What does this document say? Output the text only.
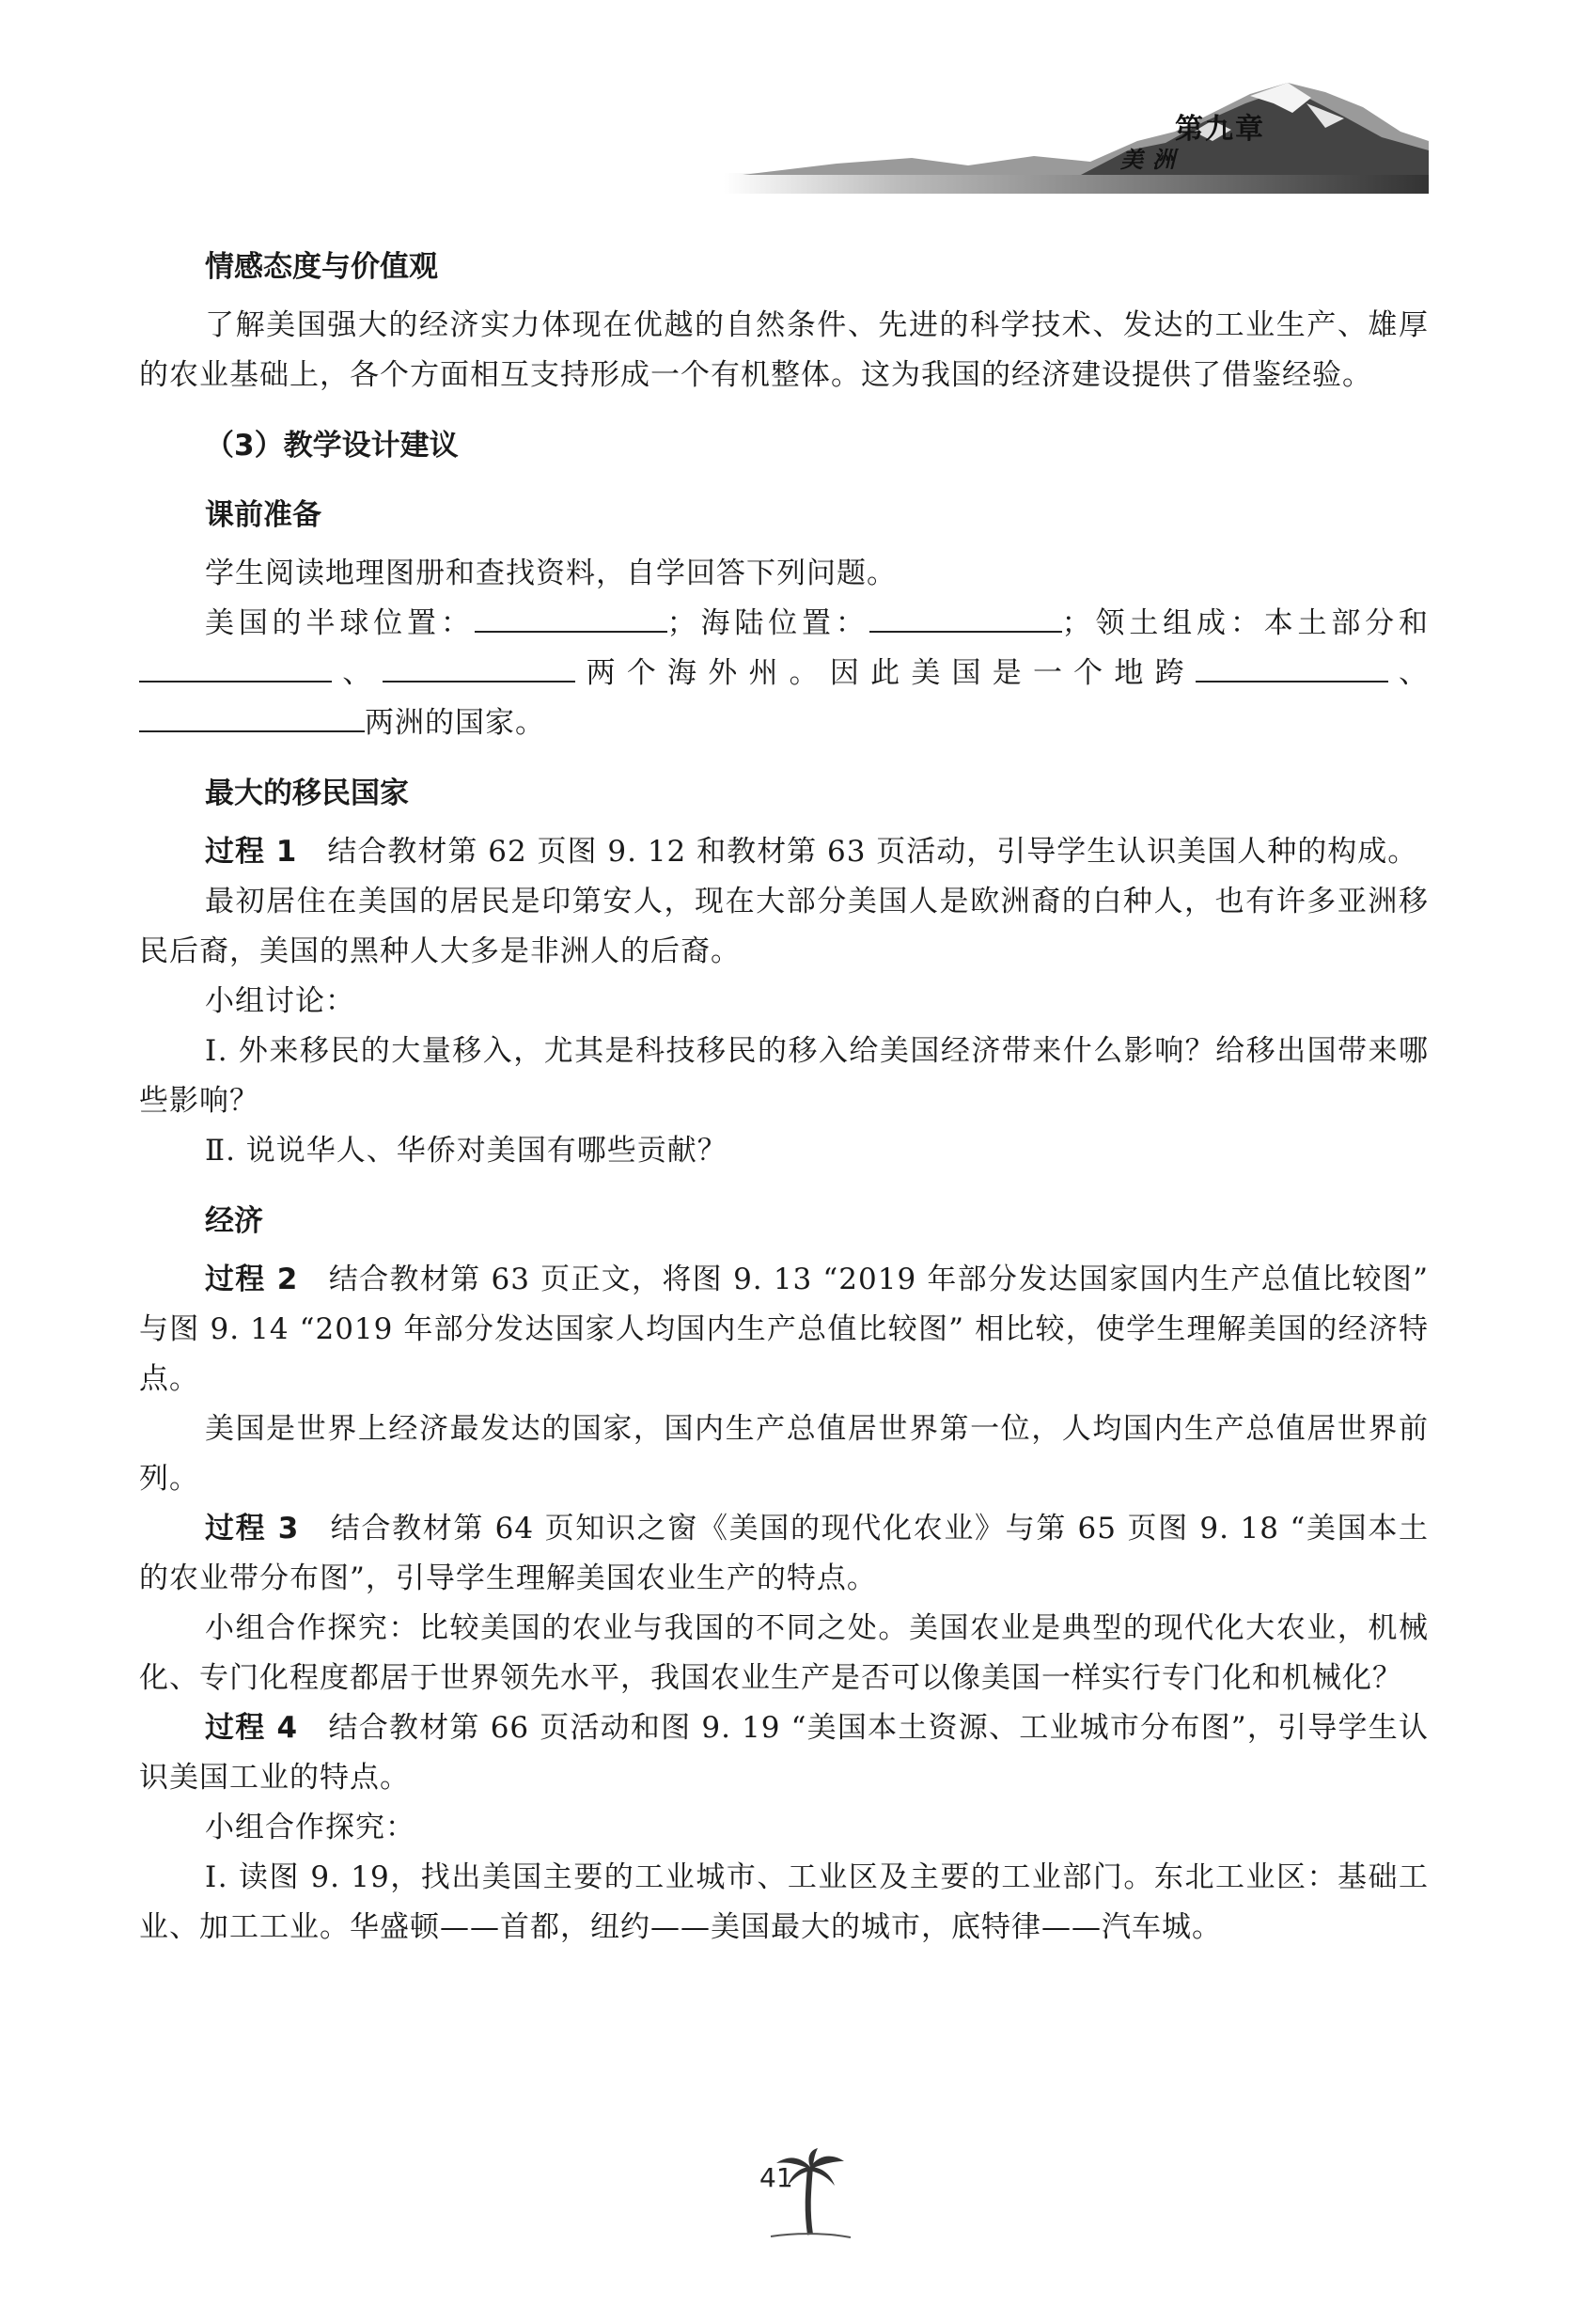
第九章
美洲
情感态度与价值观
了解美国强大的经济实力体现在优越的自然条件、先进的科学技术、发达的工业生产、雄厚的农业基础上，各个方面相互支持形成一个有机整体。这为我国的经济建设提供了借鉴经验。
（3）教学设计建议
课前准备
学生阅读地理图册和查找资料，自学回答下列问题。
美国的半球位置：	；海陆位置：	；领土组成：本土部分和、	两个海外州。因此美国是一个地跨	、两洲的国家。
最大的移民国家
过程 1　结合教材第 62 页图 9. 12 和教材第 63 页活动，引导学生认识美国人种的构成。
最初居住在美国的居民是印第安人，现在大部分美国人是欧洲裔的白种人，也有许多亚洲移民后裔，美国的黑种人大多是非洲人的后裔。
小组讨论：
Ⅰ. 外来移民的大量移入，尤其是科技移民的移入给美国经济带来什么影响？给移出国带来哪些影响？
Ⅱ. 说说华人、华侨对美国有哪些贡献？
经济
过程 2　结合教材第 63 页正文，将图 9. 13 “2019 年部分发达国家国内生产总值比较图” 与图 9. 14 “2019 年部分发达国家人均国内生产总值比较图” 相比较，使学生理解美国的经济特点。
美国是世界上经济最发达的国家，国内生产总值居世界第一位，人均国内生产总值居世界前列。
过程 3　结合教材第 64 页知识之窗《美国的现代化农业》与第 65 页图 9. 18 “美国本土的农业带分布图”，引导学生理解美国农业生产的特点。
小组合作探究：比较美国的农业与我国的不同之处。美国农业是典型的现代化大农业，机械化、专门化程度都居于世界领先水平，我国农业生产是否可以像美国一样实行专门化和机械化？
过程 4　结合教材第 66 页活动和图 9. 19 “美国本土资源、工业城市分布图”，引导学生认识美国工业的特点。
小组合作探究：
Ⅰ. 读图 9. 19，找出美国主要的工业城市、工业区及主要的工业部门。东北工业区：基础工业、加工工业。华盛顿——首都，纽约——美国最大的城市，底特律——汽车城。
41
